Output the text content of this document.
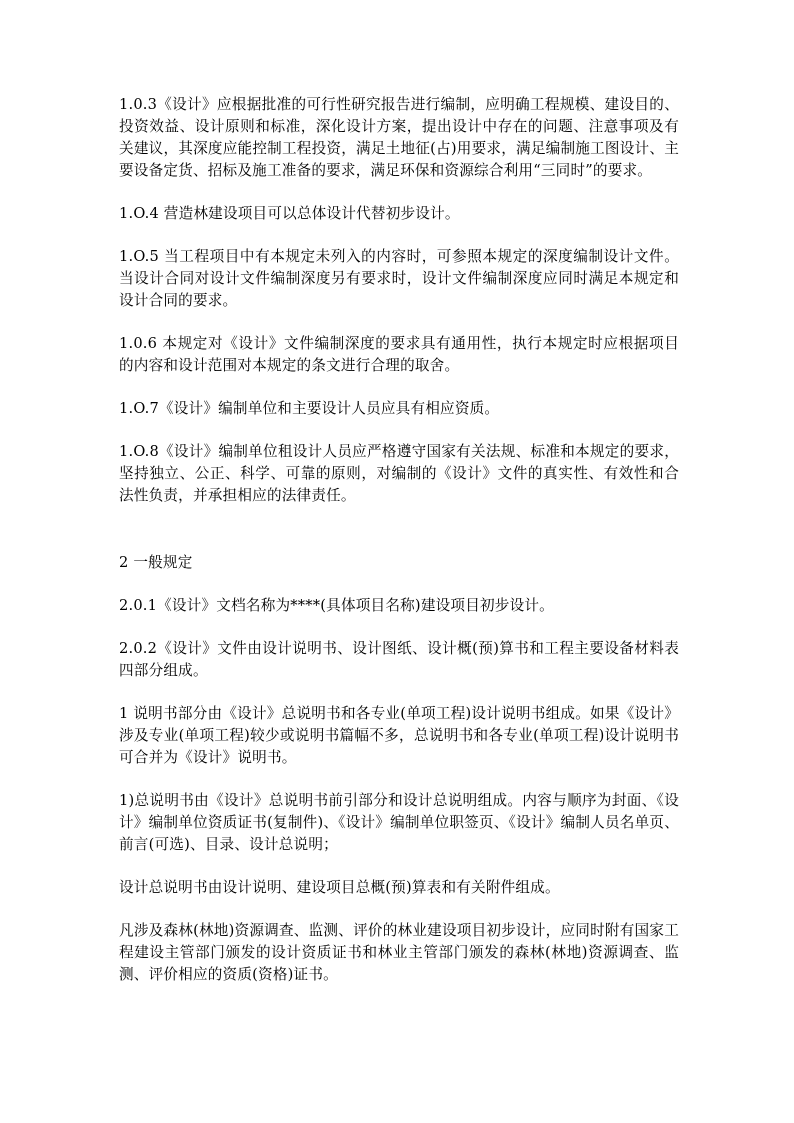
1.0.3《设计》应根据批准的可行性研究报告进行编制，应明确工程规模、建设目的、投资效益、设计原则和标准，深化设计方案，提出设计中存在的问题、注意事项及有关建议，其深度应能控制工程投资，满足土地征(占)用要求，满足编制施工图设计、主要设备定货、招标及施工准备的要求，满足环保和资源综合利用“三同时”的要求。

1.O.4 营造林建设项目可以总体设计代替初步设计。

1.O.5 当工程项目中有本规定未列入的内容时，可参照本规定的深度编制设计文件。当设计合同对设计文件编制深度另有要求时，设计文件编制深度应同时满足本规定和设计合同的要求。

1.0.6 本规定对《设计》文件编制深度的要求具有通用性，执行本规定时应根据项目的内容和设计范围对本规定的条文进行合理的取舍。

1.O.7《设计》编制单位和主要设计人员应具有相应资质。

1.O.8《设计》编制单位租设计人员应严格遵守国家有关法规、标准和本规定的要求，坚持独立、公正、科学、可靠的原则，对编制的《设计》文件的真实性、有效性和合法性负责，并承担相应的法律责任。

2 一般规定

2.0.1《设计》文档名称为****(具体项目名称)建设项目初步设计。

2.0.2《设计》文件由设计说明书、设计图纸、设计概(预)算书和工程主要设备材料表四部分组成。

1 说明书部分由《设计》总说明书和各专业(单项工程)设计说明书组成。如果《设计》涉及专业(单项工程)较少或说明书篇幅不多，总说明书和各专业(单项工程)设计说明书可合并为《设计》说明书。

1)总说明书由《设计》总说明书前引部分和设计总说明组成。内容与顺序为封面、《设计》编制单位资质证书(复制件)、《设计》编制单位职签页、《设计》编制人员名单页、前言(可选)、目录、设计总说明；

设计总说明书由设计说明、建设项目总概(预)算表和有关附件组成。

凡涉及森林(林地)资源调查、监测、评价的林业建设项目初步设计，应同时附有国家工程建设主管部门颁发的设计资质证书和林业主管部门颁发的森林(林地)资源调查、监测、评价相应的资质(资格)证书。
